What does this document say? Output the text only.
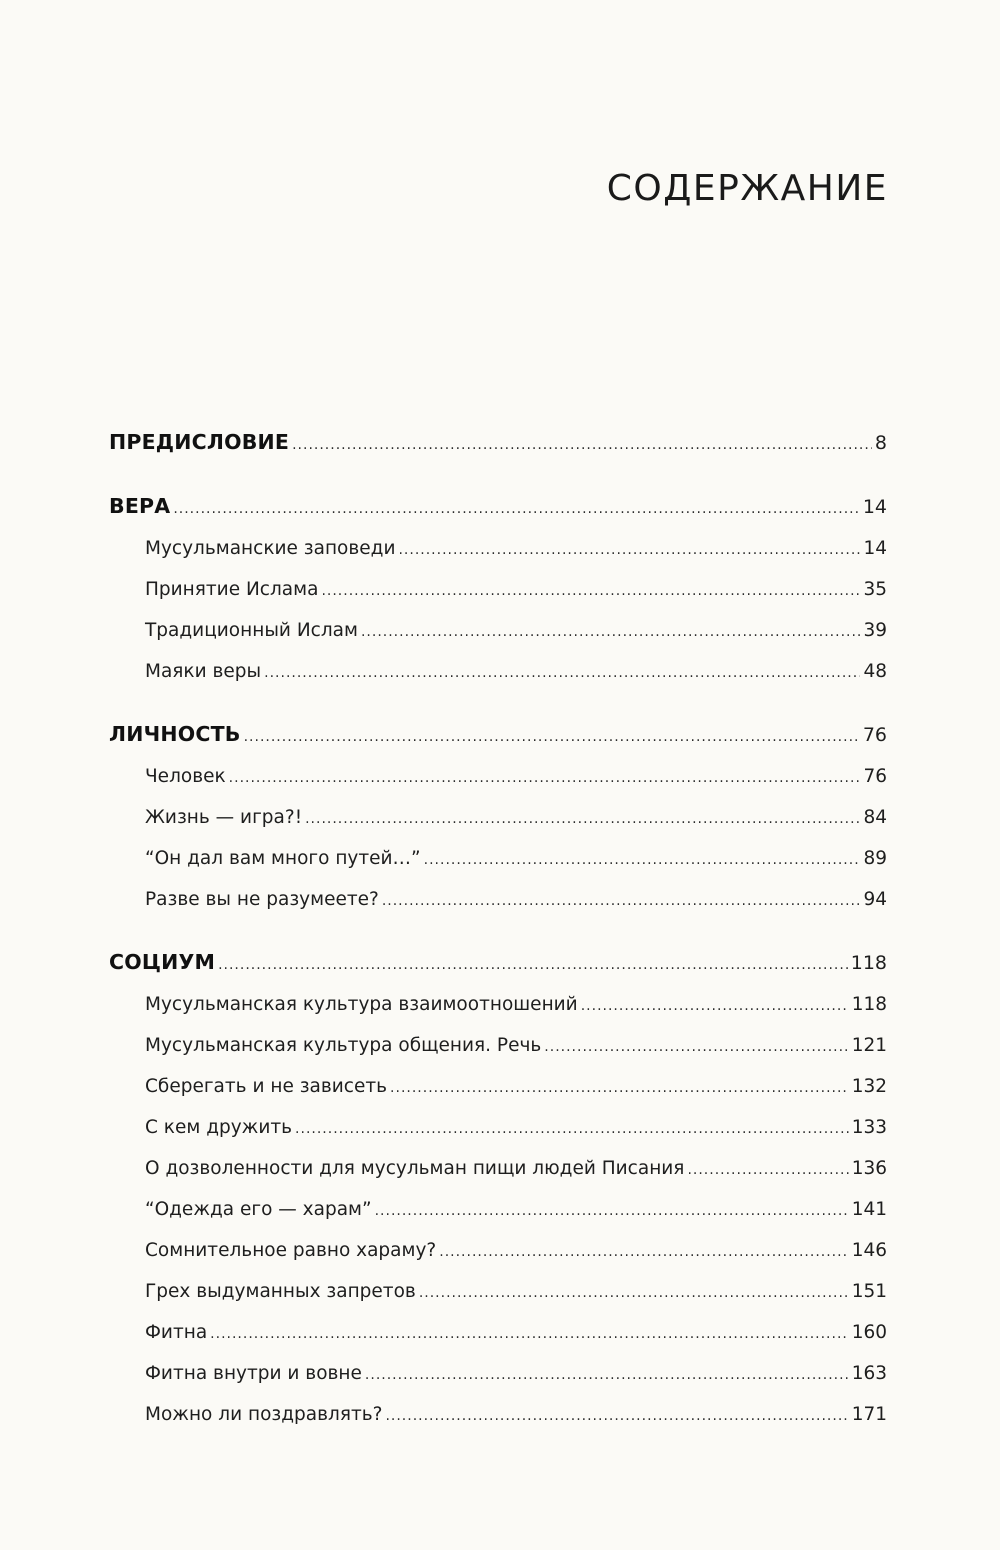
СОДЕРЖАНИЕ
ПРЕДИСЛОВИЕ .....	8
ВЕРА .....	14
Мусульманские заповеди .....	14
Принятие Ислама .....	35
Традиционный Ислам .....	39
Маяки веры .....	48
ЛИЧНОСТЬ .....	76
Человек .....	76
Жизнь — игра?! .....	84
“Он дал вам много путей…” .....	89
Разве вы не разумеете? .....	94
СОЦИУМ .....	118
Мусульманская культура взаимоотношений .....	118
Мусульманская культура общения. Речь .....	121
Сберегать и не зависеть .....	132
С кем дружить .....	133
О дозволенности для мусульман пищи людей Писания .....	136
“Одежда его — харам” .....	141
Сомнительное равно хараму? .....	146
Грех выдуманных запретов .....	151
Фитна .....	160
Фитна внутри и вовне .....	163
Можно ли поздравлять? .....	171
